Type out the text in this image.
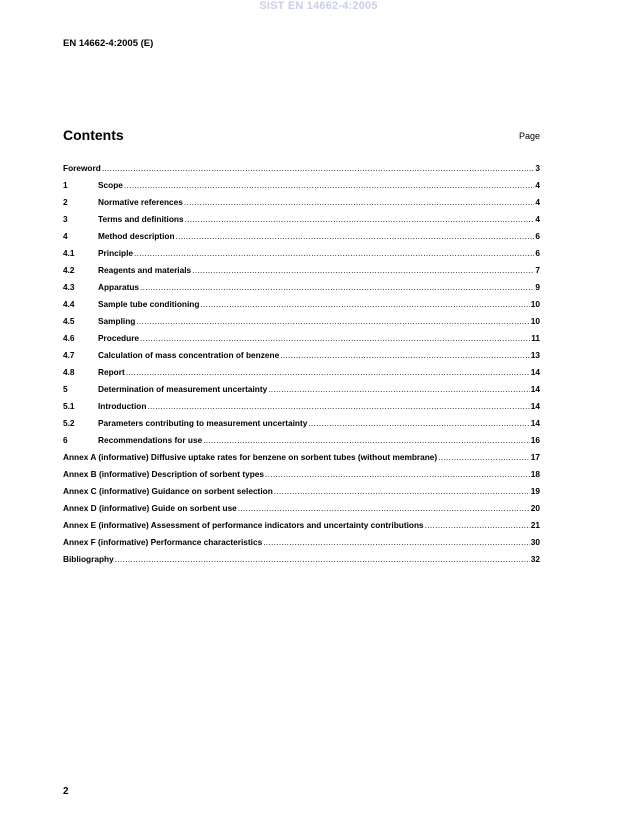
SIST EN 14662-4:2005
EN 14662-4:2005 (E)
Contents	Page
Foreword .....	3
1	Scope .....	4
2	Normative references .....	4
3	Terms and definitions .....	4
4	Method description .....	6
4.1	Principle .....	6
4.2	Reagents and materials .....	7
4.3	Apparatus .....	9
4.4	Sample tube conditioning .....	10
4.5	Sampling .....	10
4.6	Procedure .....	11
4.7	Calculation of mass concentration of benzene .....	13
4.8	Report .....	14
5	Determination of measurement uncertainty .....	14
5.1	Introduction .....	14
5.2	Parameters contributing to measurement uncertainty .....	14
6	Recommendations for use .....	16
Annex A (informative) Diffusive uptake rates for benzene on sorbent tubes (without membrane) .....	17
Annex B (informative) Description of sorbent types .....	18
Annex C (informative) Guidance on sorbent selection .....	19
Annex D (informative) Guide on sorbent use .....	20
Annex E (informative) Assessment of performance indicators and uncertainty contributions .....	21
Annex F (informative) Performance characteristics .....	30
Bibliography .....	32
2
